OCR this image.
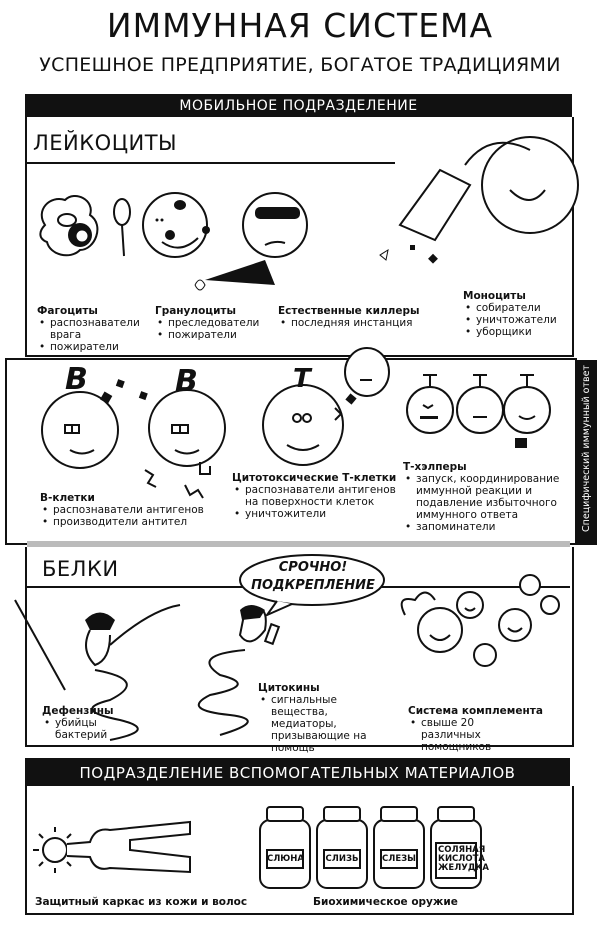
ИММУННАЯ СИСТЕМА
УСПЕШНОЕ ПРЕДПРИЯТИЕ, БОГАТОЕ ТРАДИЦИЯМИ
МОБИЛЬНОЕ ПОДРАЗДЕЛЕНИЕ
ЛЕЙКОЦИТЫ
Фагоциты
• распознаватели врага
• пожиратели
Гранулоциты
• преследователи
• пожиратели
Естественные киллеры
• последняя инстанция
Моноциты
• собиратели
• уничтожатели
• уборщики
Специфический иммунный ответ
B	B	T
В-клетки
• распознаватели антигенов
• производители антител
Цитотоксические Т-клетки
• распознаватели антигенов на поверхности клеток
• уничтожители
Т-хэлперы
• запуск, координирование иммунной реакции и подавление избыточного иммунного ответа
• запоминатели
БЕЛКИ	СРОЧНО!
ПОДКРЕПЛЕНИЕ
Дефензины
• убийцы бактерий
Цитокины
• сигнальные вещества, медиаторы, призывающие на помощь
Система комплемента
• свыше 20 различных помощников
ПОДРАЗДЕЛЕНИЕ ВСПОМОГАТЕЛЬНЫХ МАТЕРИАЛОВ
СЛЮНА	СЛИЗЬ	СЛЕЗЫ
СОЛЯНАЯ КИСЛОТА ЖЕЛУДКА
Защитный каркас из кожи и волос	Биохимическое оружие
